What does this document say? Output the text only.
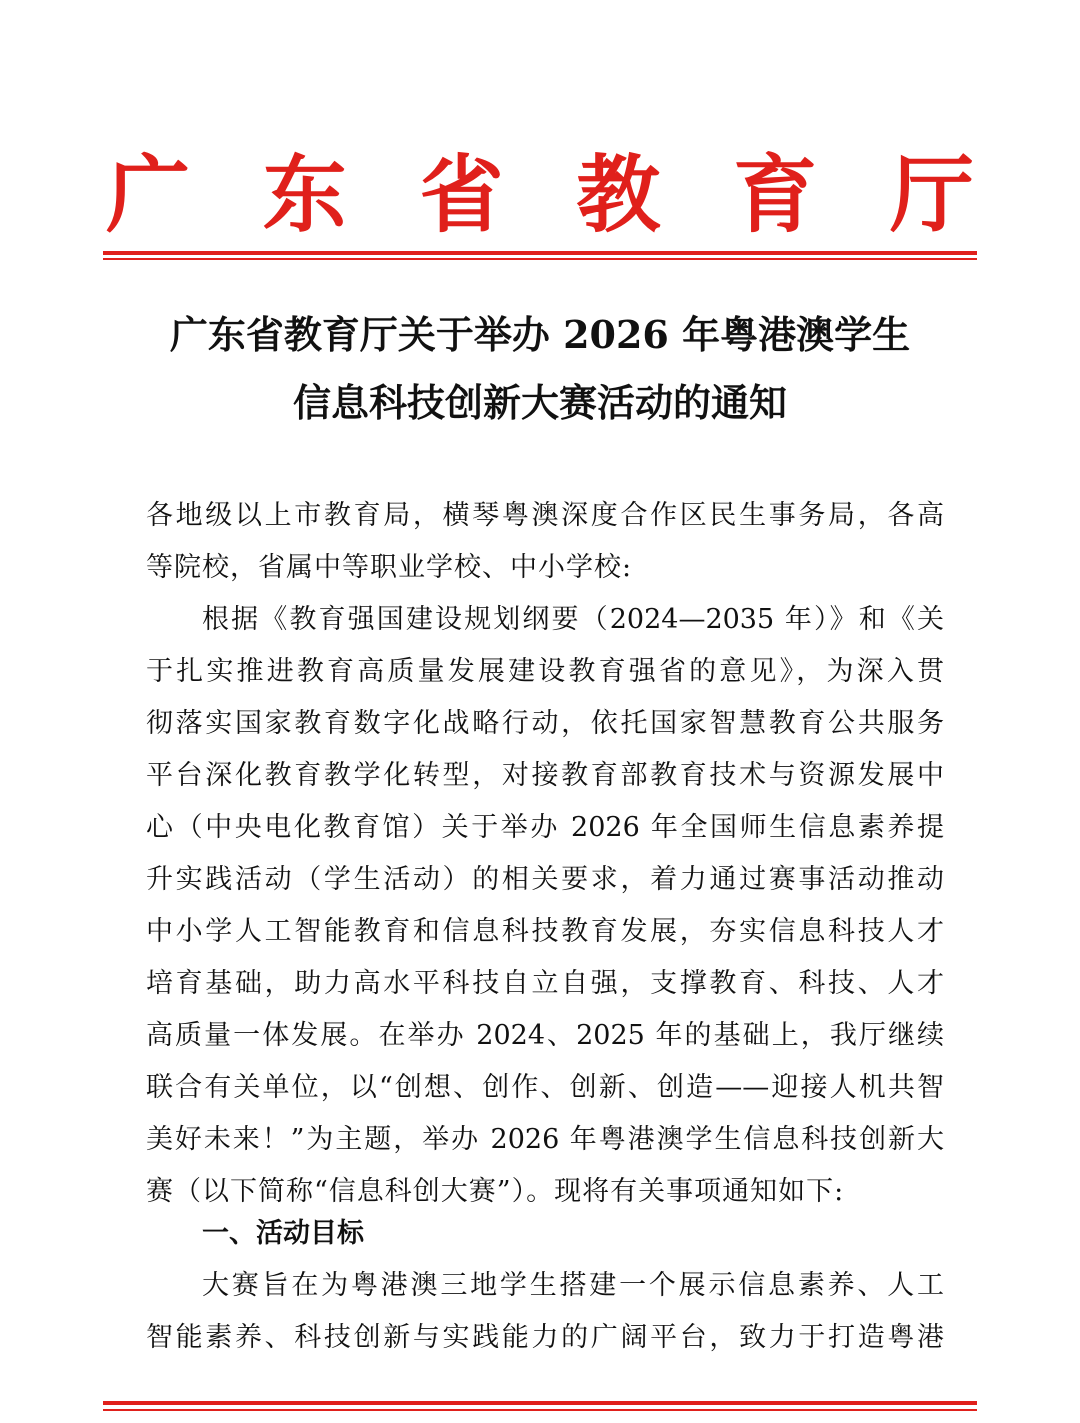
广 东 省 教 育 厅
广东省教育厅关于举办 2026 年粤港澳学生
信息科技创新大赛活动的通知
各地级以上市教育局，横琴粤澳深度合作区民生事务局，各高
等院校，省属中等职业学校、中小学校:
根据《教育强国建设规划纲要（2024—2035 年）》和《关
于扎实推进教育高质量发展建设教育强省的意见》，为深入贯
彻落实国家教育数字化战略行动，依托国家智慧教育公共服务
平台深化教育教学化转型，对接教育部教育技术与资源发展中
心（中央电化教育馆）关于举办 2026 年全国师生信息素养提
升实践活动（学生活动）的相关要求，着力通过赛事活动推动
中小学人工智能教育和信息科技教育发展，夯实信息科技人才
培育基础，助力高水平科技自立自强，支撑教育、科技、人才
高质量一体发展。在举办 2024、2025 年的基础上，我厅继续
联合有关单位，以“创想、创作、创新、创造——迎接人机共智
美好未来！”为主题，举办 2026 年粤港澳学生信息科技创新大
赛（以下简称“信息科创大赛”）。现将有关事项通知如下:
一、活动目标
大赛旨在为粤港澳三地学生搭建一个展示信息素养、人工
智能素养、科技创新与实践能力的广阔平台，致力于打造粤港
